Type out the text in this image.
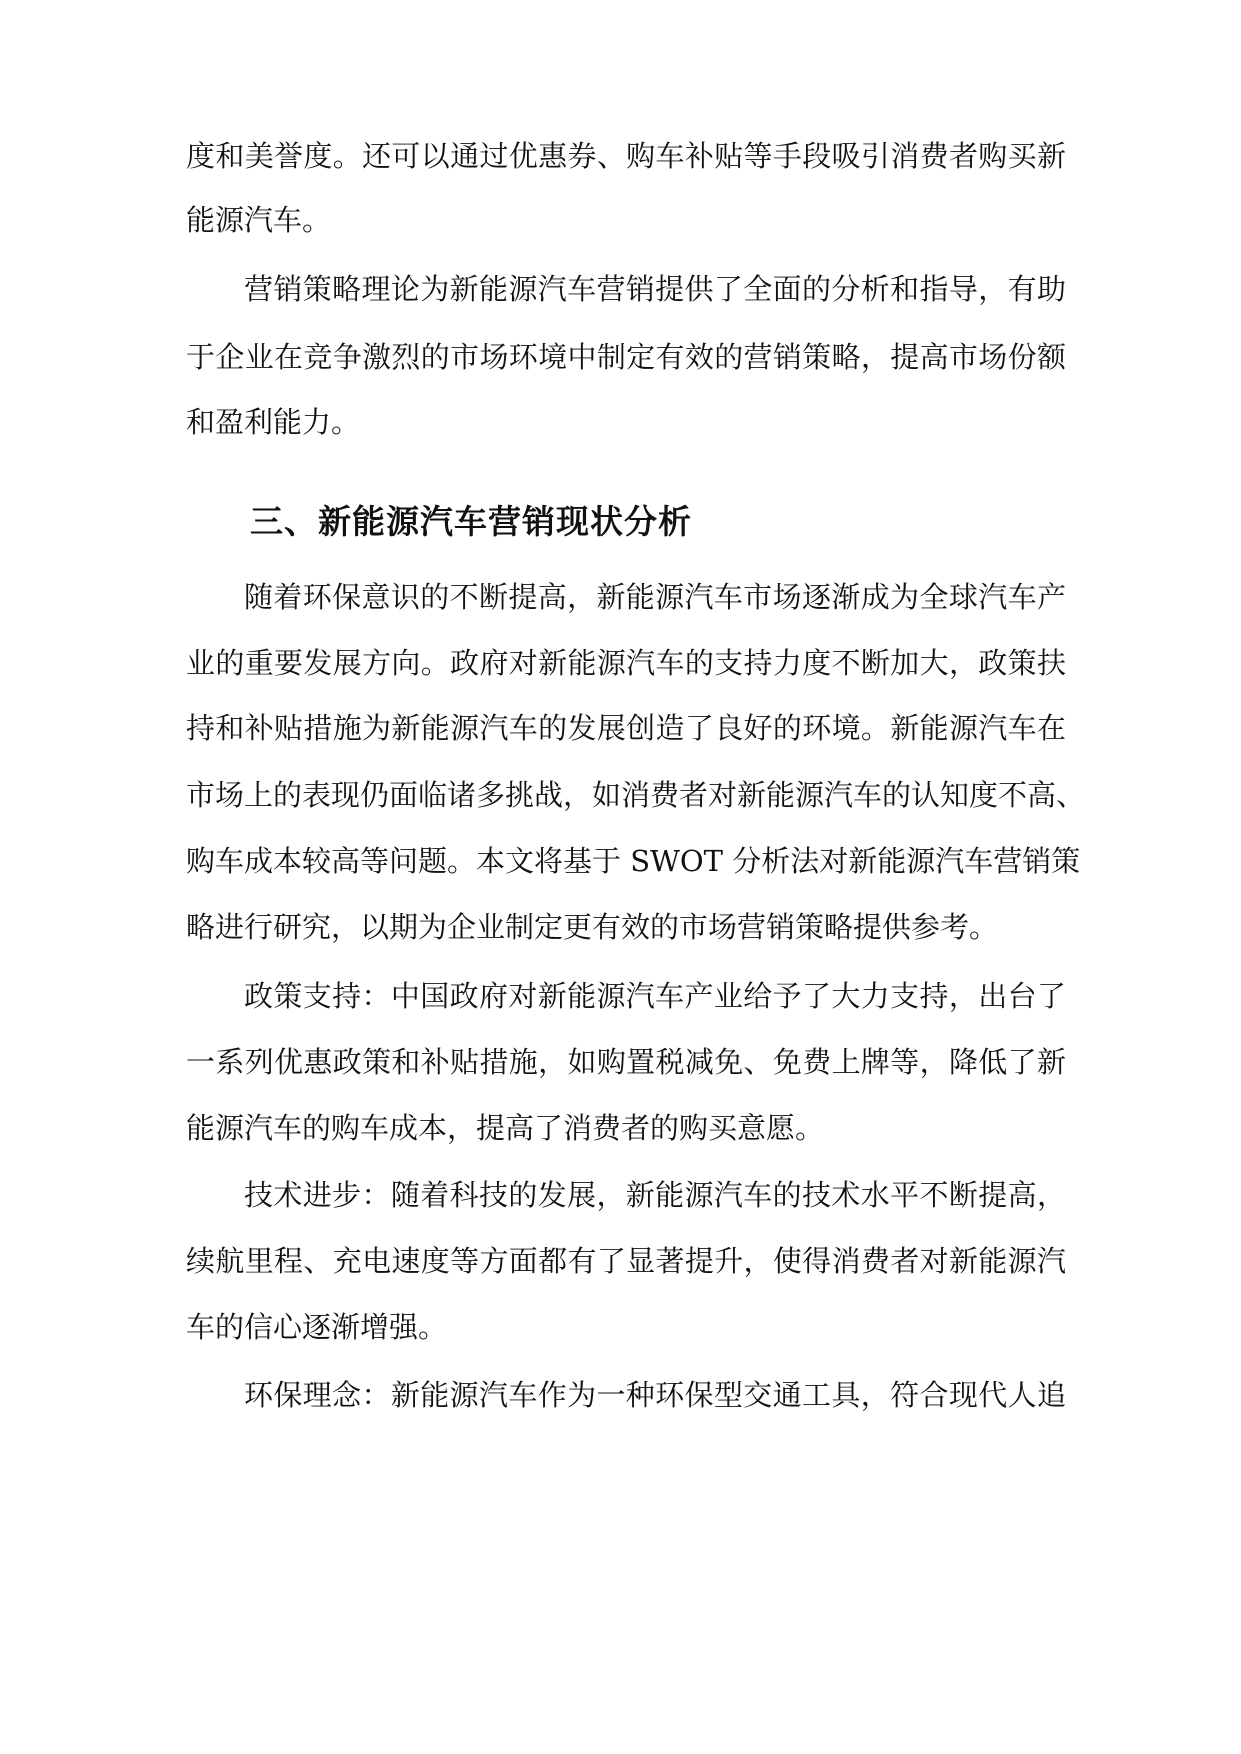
度和美誉度。还可以通过优惠券、购车补贴等手段吸引消费者购买新
能源汽车。
营销策略理论为新能源汽车营销提供了全面的分析和指导，有助
于企业在竞争激烈的市场环境中制定有效的营销策略，提高市场份额
和盈利能力。
三、新能源汽车营销现状分析
随着环保意识的不断提高，新能源汽车市场逐渐成为全球汽车产
业的重要发展方向。政府对新能源汽车的支持力度不断加大，政策扶
持和补贴措施为新能源汽车的发展创造了良好的环境。新能源汽车在
市场上的表现仍面临诸多挑战，如消费者对新能源汽车的认知度不高、
购车成本较高等问题。本文将基于 SWOT 分析法对新能源汽车营销策
略进行研究，以期为企业制定更有效的市场营销策略提供参考。
政策支持：中国政府对新能源汽车产业给予了大力支持，出台了
一系列优惠政策和补贴措施，如购置税减免、免费上牌等，降低了新
能源汽车的购车成本，提高了消费者的购买意愿。
技术进步：随着科技的发展，新能源汽车的技术水平不断提高，
续航里程、充电速度等方面都有了显著提升，使得消费者对新能源汽
车的信心逐渐增强。
环保理念：新能源汽车作为一种环保型交通工具，符合现代人追
